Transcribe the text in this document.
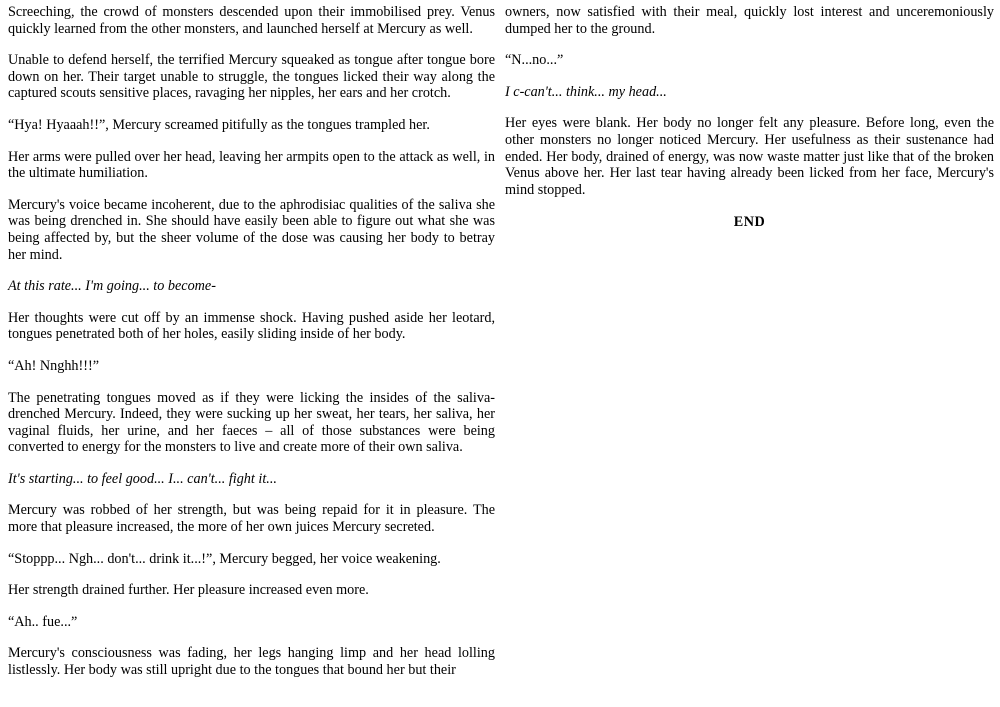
Screeching, the crowd of monsters descended upon their immobilised prey. Venus quickly learned from the other monsters, and launched herself at Mercury as well.

Unable to defend herself, the terrified Mercury squeaked as tongue after tongue bore down on her. Their target unable to struggle, the tongues licked their way along the captured scouts sensitive places, ravaging her nipples, her ears and her crotch.

“Hya! Hyaaah!!”, Mercury screamed pitifully as the tongues trampled her.

Her arms were pulled over her head, leaving her armpits open to the attack as well, in the ultimate humiliation.

Mercury's voice became incoherent, due to the aphrodisiac qualities of the saliva she was being drenched in. She should have easily been able to figure out what she was being affected by, but the sheer volume of the dose was causing her body to betray her mind.

At this rate... I'm going... to become-

Her thoughts were cut off by an immense shock. Having pushed aside her leotard, tongues penetrated both of her holes, easily sliding inside of her body.

“Ah! Nnghh!!!”

The penetrating tongues moved as if they were licking the insides of the saliva-drenched Mercury. Indeed, they were sucking up her sweat, her tears, her saliva, her vaginal fluids, her urine, and her faeces – all of those substances were being converted to energy for the monsters to live and create more of their own saliva.

It's starting... to feel good... I... can't... fight it...

Mercury was robbed of her strength, but was being repaid for it in pleasure. The more that pleasure increased, the more of her own juices Mercury secreted.

“Stoppp... Ngh... don't... drink it...!”, Mercury begged, her voice weakening.

Her strength drained further. Her pleasure increased even more.

“Ah.. fue...”

Mercury's consciousness was fading, her legs hanging limp and her head lolling listlessly. Her body was still upright due to the tongues that bound her but their

owners, now satisfied with their meal, quickly lost interest and unceremoniously dumped her to the ground.

“N...no...”

I c-can't... think... my head...

Her eyes were blank. Her body no longer felt any pleasure. Before long, even the other monsters no longer noticed Mercury. Her usefulness as their sustenance had ended. Her body, drained of energy, was now waste matter just like that of the broken Venus above her. Her last tear having already been licked from her face, Mercury's mind stopped.

END
